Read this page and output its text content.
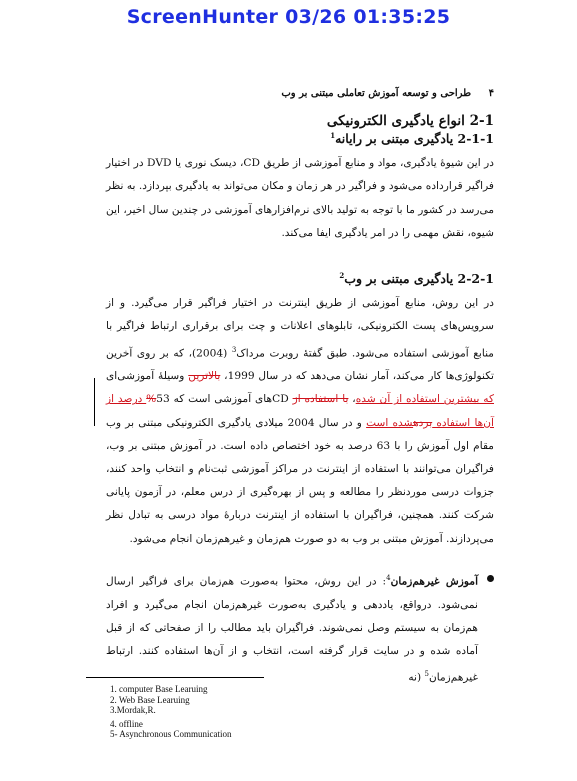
ScreenHunter 03/26 01:35:25
۴ طراحی و توسعه آموزش تعاملی مبتنی بر وب
2-1 انواع یادگیری الکترونیکی
2-1-1 یادگیری مبتنی بر رایانه$^1$

در این شیوهٔ یادگیری، مواد و منابع آموزشی از طریق CD، دیسک نوری یا DVD در اختیار فراگیر قرارداده می‌شود و فراگیر در هر زمان و مکان می‌تواند به یادگیری بپردازد. به نظر می‌رسد در کشور ما با توجه به تولید بالای نرم‌افزارهای آموزشی در چندین سال اخیر، این شیوه، نقش مهمی را در امر یادگیری ایفا می‌کند.

2-2-1 یادگیری مبتنی بر وب$^2$

در این روش، منابع آموزشی از طریق اینترنت در اختیار فراگیر قرار می‌گیرد. و از سرویس‌های پست الکترونیکی، تابلوهای اعلانات و چت برای برقراری ارتباط فراگیر با منابع آموزشی استفاده می‌شود. طبق گفتهٔ روبرت مرداک$^3$ (2004)، که بر روی آخرین تکنولوژی‌ها کار می‌کند، آمار نشان می‌دهد که در سال 1999، بالاترین وسیلهٔ آموزشی‌ای که بیشترین استفاده از آن شده، با استفاده از CDهای آموزشی است که 53% درصد از آن‌ها استفاده بردهشده است و در سال 2004 میلادی یادگیری الکترونیکی مبتنی بر وب مقام اول آموزش را با 63 درصد به خود اختصاص داده است. در آموزش مبتنی بر وب، فراگیران می‌توانند با استفاده از اینترنت در مراکز آموزشی ثبت‌نام و انتخاب واحد کنند، جزوات درسی موردنظر را مطالعه و پس از بهره‌گیری از درس معلم، در آزمون پایانی شرکت کنند. همچنین، فراگیران با استفاده از اینترنت دربارهٔ مواد درسی به تبادل نظر می‌پردازند. آموزش مبتنی بر وب به دو صورت هم‌زمان و غیرهم‌زمان انجام می‌شود.

آموزش غیرهم‌زمان$^4$: در این روش، محتوا به‌صورت هم‌زمان برای فراگیر ارسال نمی‌شود. درواقع، یاددهی و یادگیری به‌صورت غیرهم‌زمان انجام می‌گیرد و افراد هم‌زمان به سیستم وصل نمی‌شوند. فراگیران باید مطالب را از صفحاتی که از قبل آماده شده و در سایت قرار گرفته است، انتخاب و از آن‌ها استفاده کنند. ارتباط غیرهم‌زمان$^5$ (نه

1. computer Base Learuing
2. Web Base Learuing
3.Mordak,R.
4. offline
5- Asynchronous Communication
